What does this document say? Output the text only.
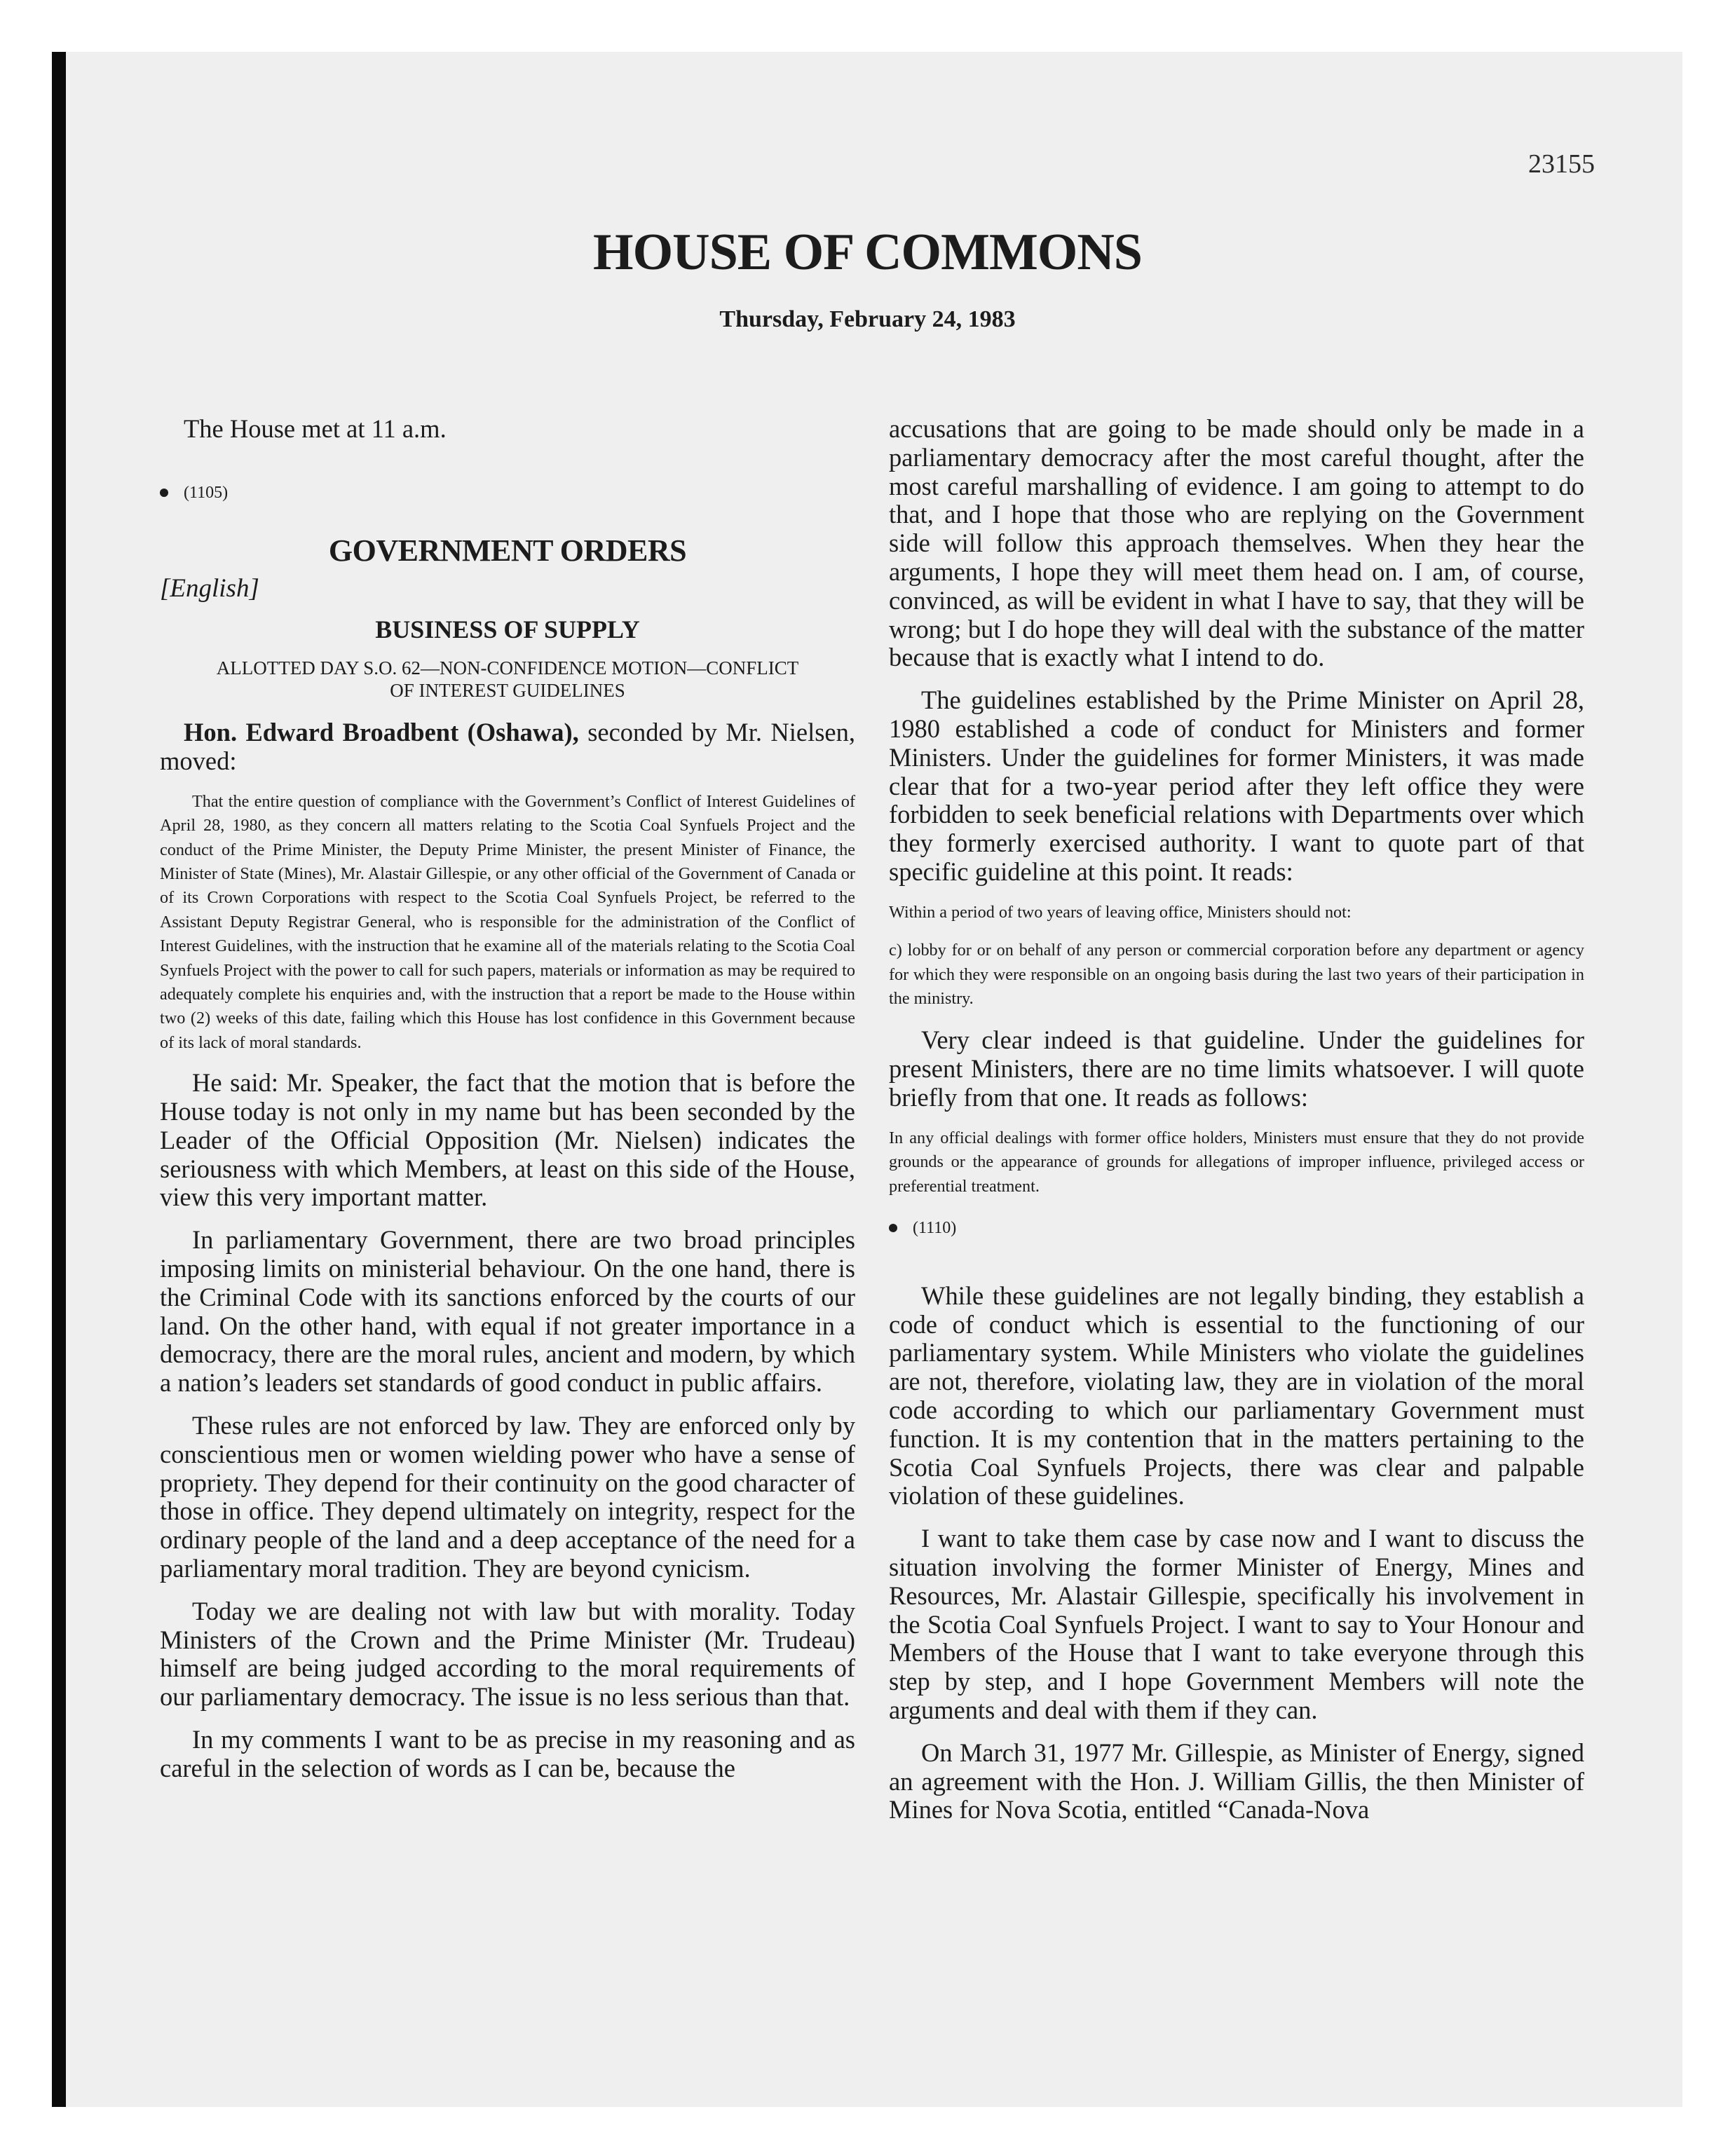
23155
HOUSE OF COMMONS
Thursday, February 24, 1983

The House met at 11 a.m.

(1105)
GOVERNMENT ORDERS
[English]
BUSINESS OF SUPPLY
ALLOTTED DAY S.O. 62—NON-CONFIDENCE MOTION—CONFLICT
OF INTEREST GUIDELINES

Hon. Edward Broadbent (Oshawa), seconded by Mr. Nielsen, moved:

That the entire question of compliance with the Government’s Conflict of Interest Guidelines of April 28, 1980, as they concern all matters relating to the Scotia Coal Synfuels Project and the conduct of the Prime Minister, the Deputy Prime Minister, the present Minister of Finance, the Minister of State (Mines), Mr. Alastair Gillespie, or any other official of the Government of Canada or of its Crown Corporations with respect to the Scotia Coal Synfuels Project, be referred to the Assistant Deputy Registrar General, who is responsible for the administration of the Conflict of Interest Guidelines, with the instruction that he examine all of the materials relating to the Scotia Coal Synfuels Project with the power to call for such papers, materials or information as may be required to adequately complete his enquiries and, with the instruction that a report be made to the House within two (2) weeks of this date, failing which this House has lost confidence in this Government because of its lack of moral standards.

He said: Mr. Speaker, the fact that the motion that is before the House today is not only in my name but has been seconded by the Leader of the Official Opposition (Mr. Nielsen) indicates the seriousness with which Members, at least on this side of the House, view this very important matter.

In parliamentary Government, there are two broad principles imposing limits on ministerial behaviour. On the one hand, there is the Criminal Code with its sanctions enforced by the courts of our land. On the other hand, with equal if not greater importance in a democracy, there are the moral rules, ancient and modern, by which a nation’s leaders set standards of good conduct in public affairs.

These rules are not enforced by law. They are enforced only by conscientious men or women wielding power who have a sense of propriety. They depend for their continuity on the good character of those in office. They depend ultimately on integrity, respect for the ordinary people of the land and a deep acceptance of the need for a parliamentary moral tradition. They are beyond cynicism.

Today we are dealing not with law but with morality. Today Ministers of the Crown and the Prime Minister (Mr. Trudeau) himself are being judged according to the moral requirements of our parliamentary democracy. The issue is no less serious than that.

In my comments I want to be as precise in my reasoning and as careful in the selection of words as I can be, because the

accusations that are going to be made should only be made in a parliamentary democracy after the most careful thought, after the most careful marshalling of evidence. I am going to attempt to do that, and I hope that those who are replying on the Government side will follow this approach themselves. When they hear the arguments, I hope they will meet them head on. I am, of course, convinced, as will be evident in what I have to say, that they will be wrong; but I do hope they will deal with the substance of the matter because that is exactly what I intend to do.

The guidelines established by the Prime Minister on April 28, 1980 established a code of conduct for Ministers and former Ministers. Under the guidelines for former Ministers, it was made clear that for a two-year period after they left office they were forbidden to seek beneficial relations with Departments over which they formerly exercised authority. I want to quote part of that specific guideline at this point. It reads:

Within a period of two years of leaving office, Ministers should not:

c) lobby for or on behalf of any person or commercial corporation before any department or agency for which they were responsible on an ongoing basis during the last two years of their participation in the ministry.

Very clear indeed is that guideline. Under the guidelines for present Ministers, there are no time limits whatsoever. I will quote briefly from that one. It reads as follows:

In any official dealings with former office holders, Ministers must ensure that they do not provide grounds or the appearance of grounds for allegations of improper influence, privileged access or preferential treatment.

(1110)

While these guidelines are not legally binding, they establish a code of conduct which is essential to the functioning of our parliamentary system. While Ministers who violate the guidelines are not, therefore, violating law, they are in violation of the moral code according to which our parliamentary Government must function. It is my contention that in the matters pertaining to the Scotia Coal Synfuels Projects, there was clear and palpable violation of these guidelines.

I want to take them case by case now and I want to discuss the situation involving the former Minister of Energy, Mines and Resources, Mr. Alastair Gillespie, specifically his involvement in the Scotia Coal Synfuels Project. I want to say to Your Honour and Members of the House that I want to take everyone through this step by step, and I hope Government Members will note the arguments and deal with them if they can.

On March 31, 1977 Mr. Gillespie, as Minister of Energy, signed an agreement with the Hon. J. William Gillis, the then Minister of Mines for Nova Scotia, entitled “Canada-Nova
